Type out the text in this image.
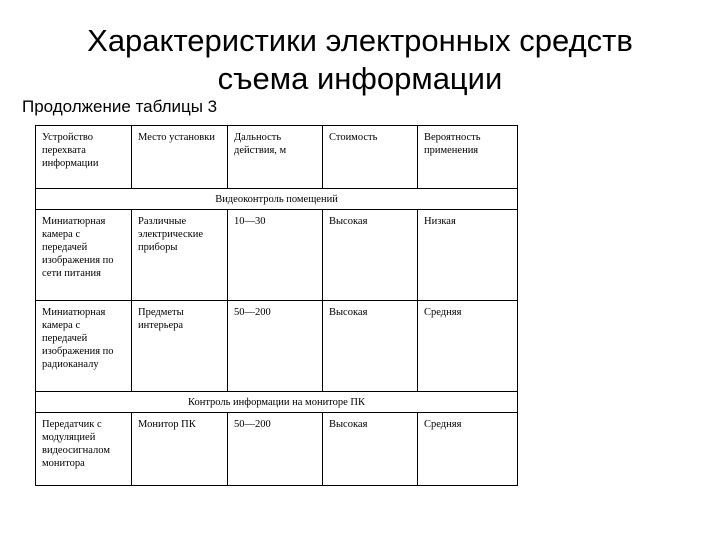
Характеристики электронных средств
съема информации
Продолжение таблицы 3
Устройство перехвата информации	Место установки	Дальность действия, м	Стоимость	Вероятность применения
Видеоконтроль помещений				
Миниатюрная камера с передачей изображения по сети питания	Различные электрические приборы	10—30	Высокая	Низкая
Миниатюрная камера с передачей изображения по радиоканалу	Предметы интерьера	50—200	Высокая	Средняя
Контроль информации на мониторе ПК				
Передатчик с модуляцией видеосигналом монитора	Монитор ПК	50—200	Высокая	Средняя
